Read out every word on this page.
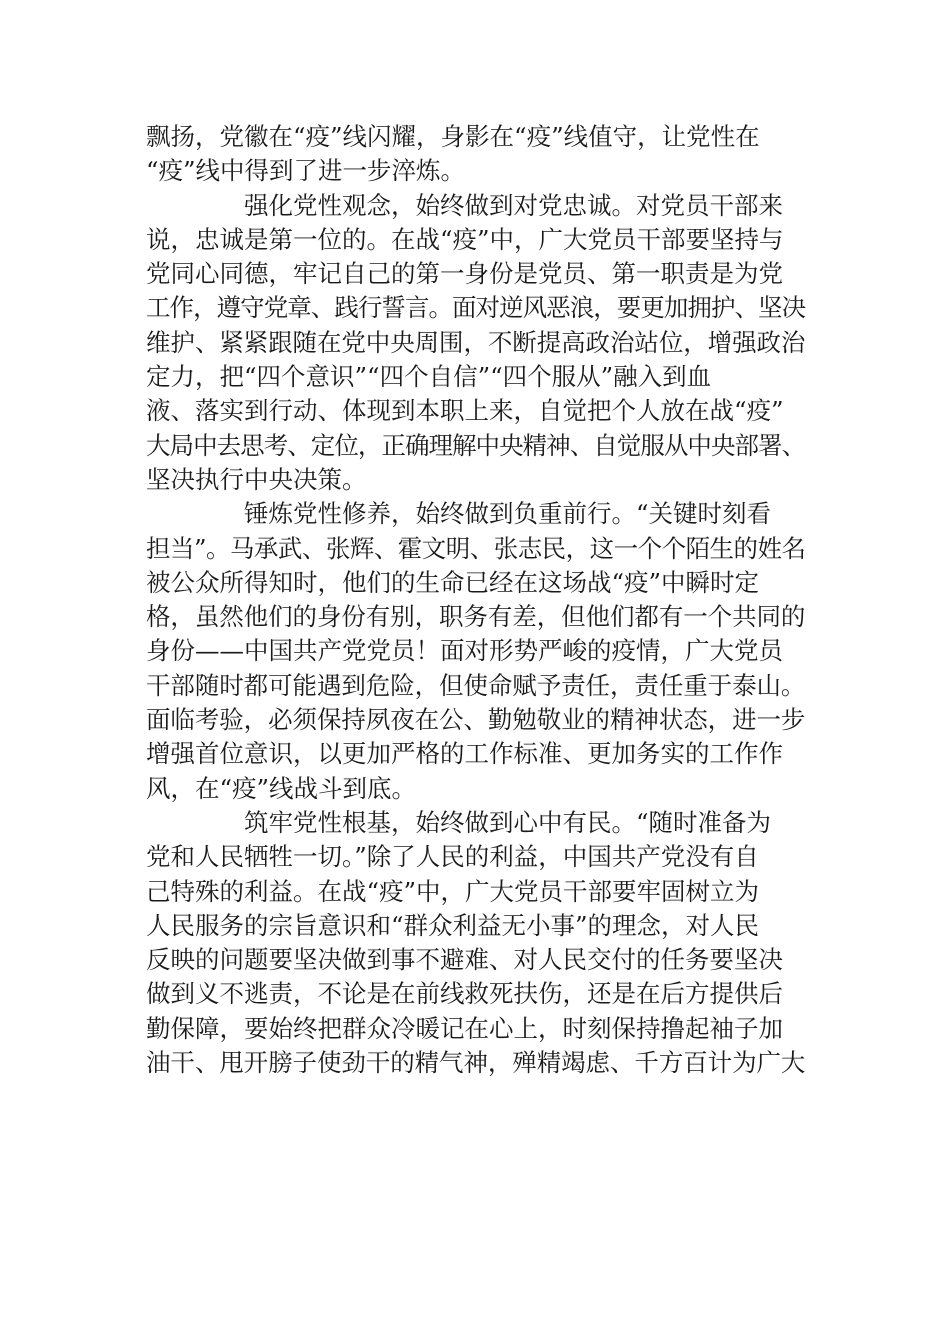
飘扬，党徽在“疫”线闪耀，身影在“疫”线值守，让党性在
“疫”线中得到了进一步淬炼。
强化党性观念，始终做到对党忠诚。对党员干部来
说，忠诚是第一位的。在战“疫”中，广大党员干部要坚持与
党同心同德，牢记自己的第一身份是党员、第一职责是为党
工作，遵守党章、践行誓言。面对逆风恶浪，要更加拥护、坚决
维护、紧紧跟随在党中央周围，不断提高政治站位，增强政治
定力，把“四个意识”“四个自信”“四个服从”融入到血
液、落实到行动、体现到本职上来，自觉把个人放在战“疫”
大局中去思考、定位，正确理解中央精神、自觉服从中央部署、
坚决执行中央决策。
锤炼党性修养，始终做到负重前行。“关键时刻看
担当”。马承武、张辉、霍文明、张志民，这一个个陌生的姓名
被公众所得知时，他们的生命已经在这场战“疫”中瞬时定
格，虽然他们的身份有别，职务有差，但他们都有一个共同的
身份——中国共产党党员！面对形势严峻的疫情，广大党员
干部随时都可能遇到危险，但使命赋予责任，责任重于泰山。
面临考验，必须保持夙夜在公、勤勉敬业的精神状态，进一步
增强首位意识，以更加严格的工作标准、更加务实的工作作
风，在“疫”线战斗到底。
筑牢党性根基，始终做到心中有民。“随时准备为
党和人民牺牲一切。”除了人民的利益，中国共产党没有自
己特殊的利益。在战“疫”中，广大党员干部要牢固树立为
人民服务的宗旨意识和“群众利益无小事”的理念，对人民
反映的问题要坚决做到事不避难、对人民交付的任务要坚决
做到义不逃责，不论是在前线救死扶伤，还是在后方提供后
勤保障，要始终把群众冷暖记在心上，时刻保持撸起袖子加
油干、甩开膀子使劲干的精气神，殚精竭虑、千方百计为广大
